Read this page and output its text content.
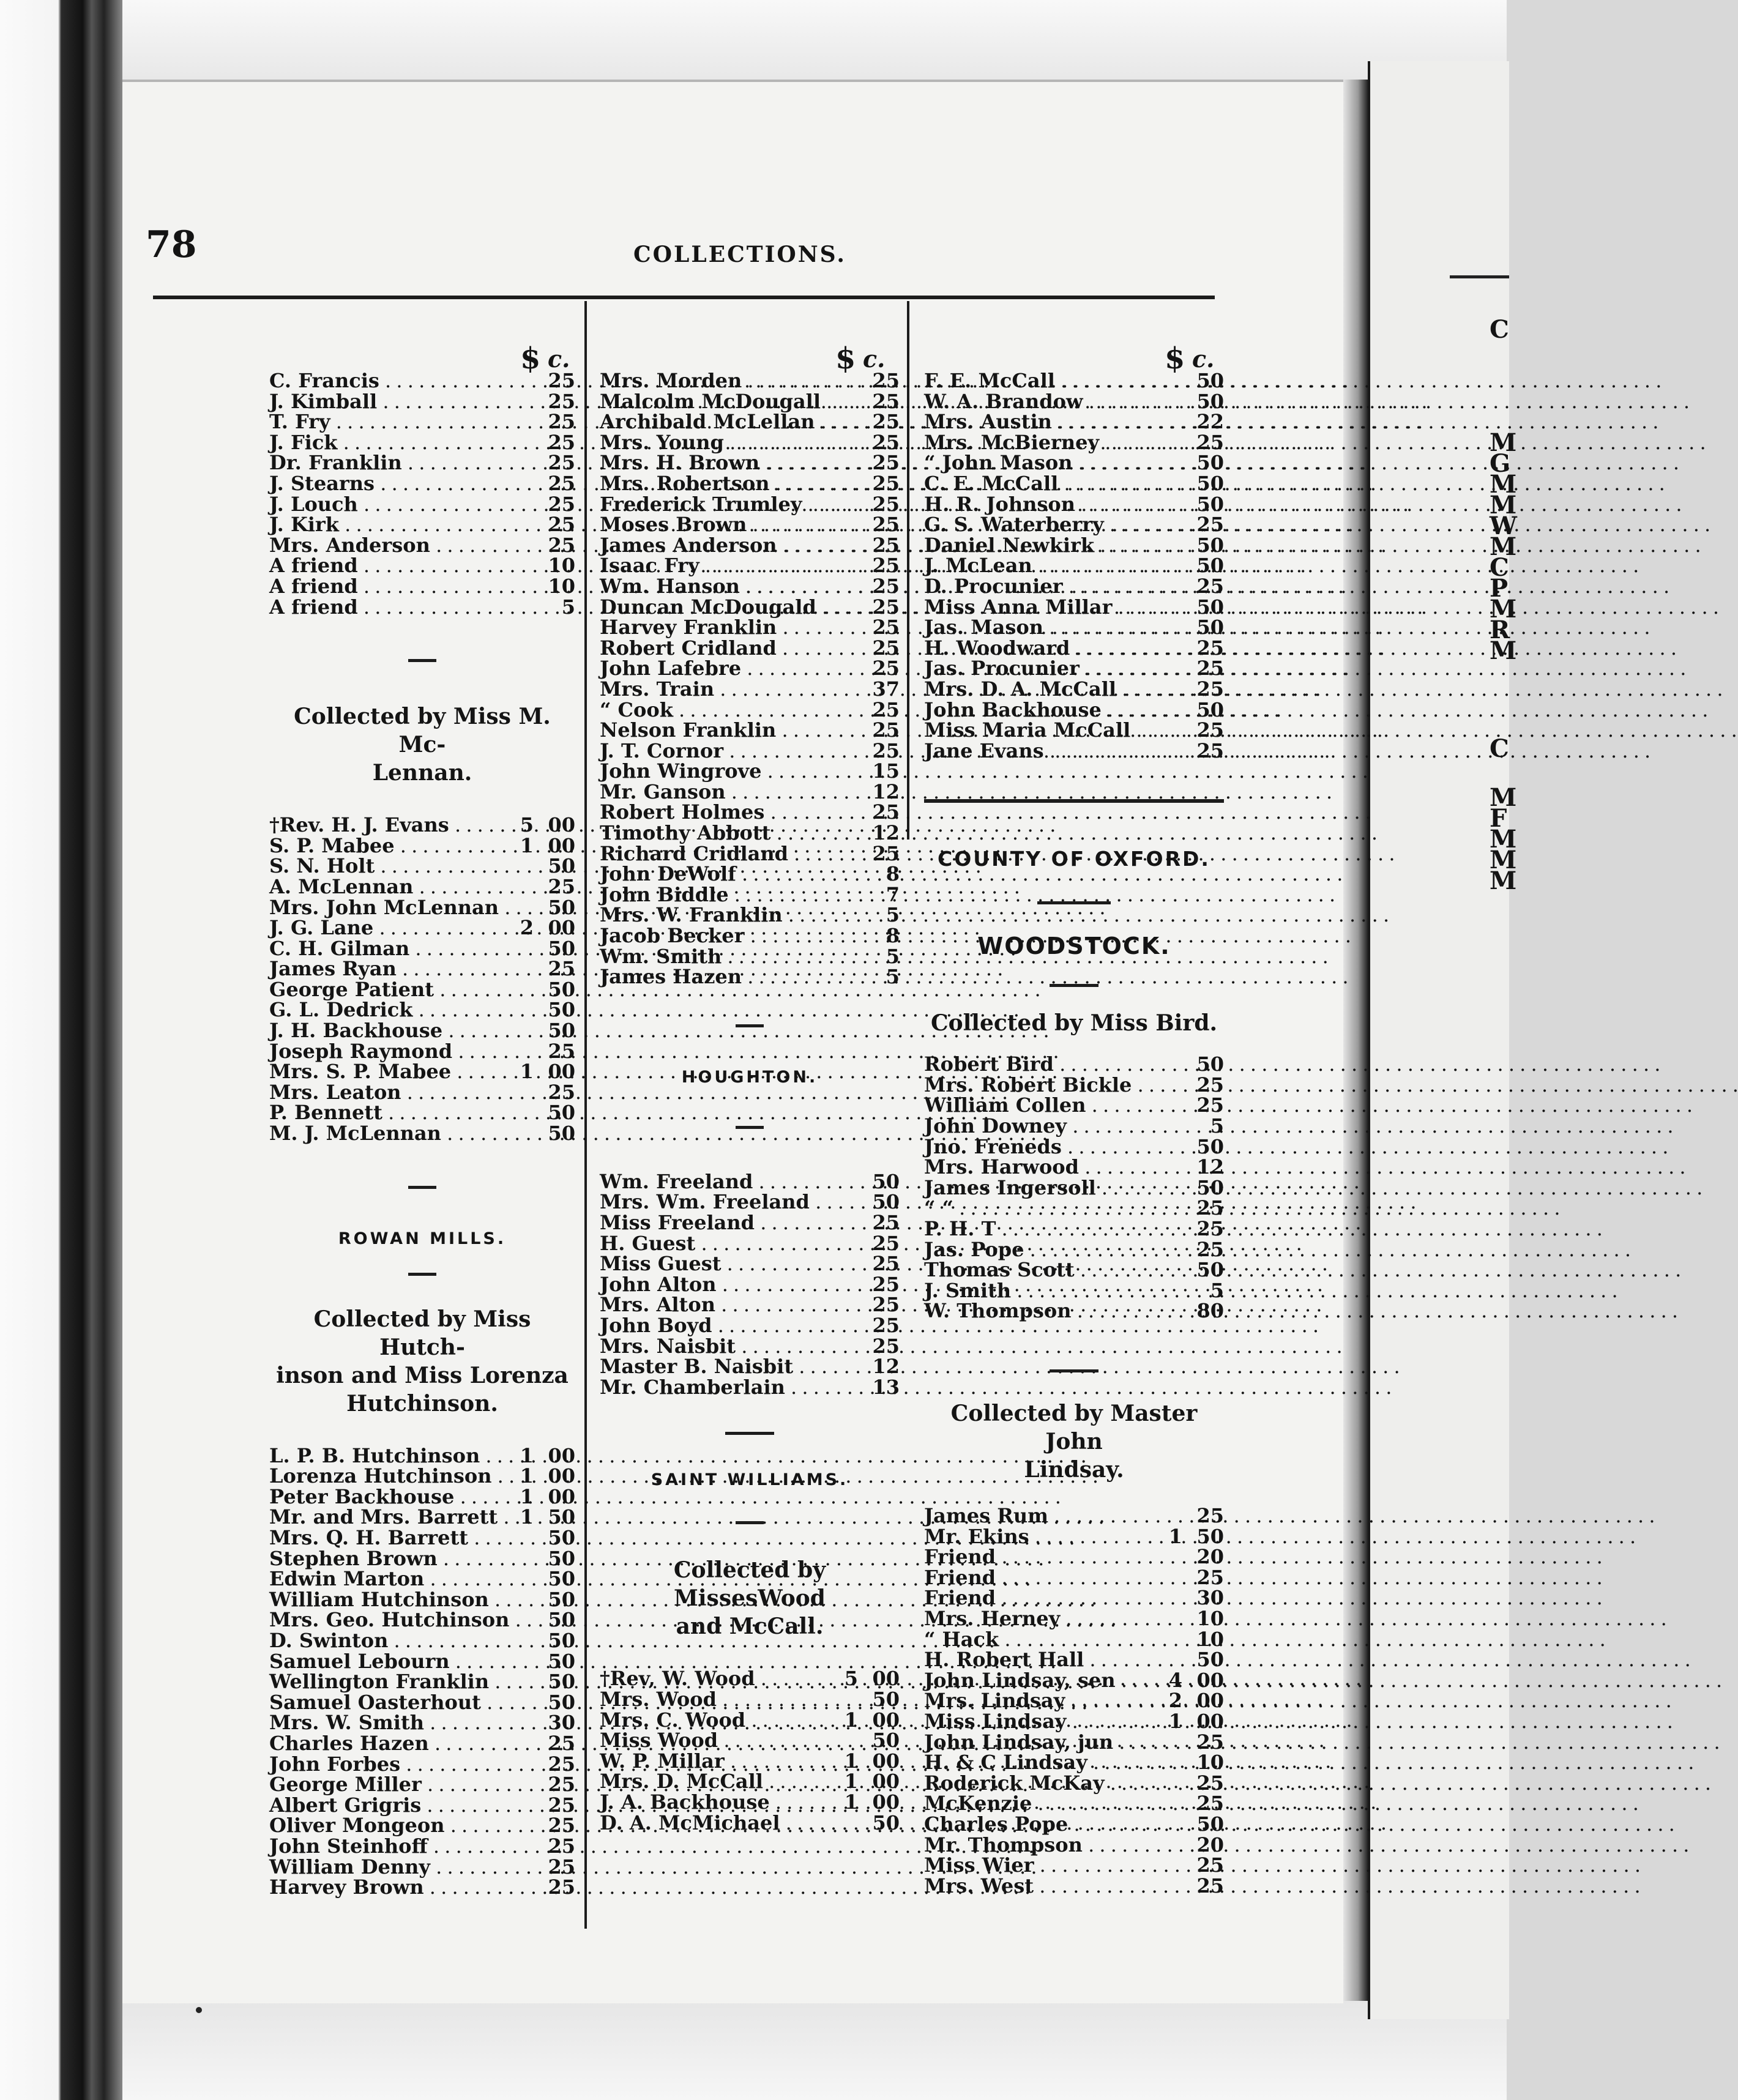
C
M
G
M
M
W
M
C
P
M
R
M
C
M
F
M
M
M
78	COLLECTIONS.
$ c.
C. Francis . . .	25
J. Kimball . . .	25
T. Fry . . .	25
J. Fick . . .	25
Dr. Franklin . . .	25
J. Stearns . . .	25
J. Louch . . .	25
J. Kirk . . .	25
Mrs. Anderson . . .	25
A friend . . .	10
A friend . . .	10
A friend . . .	5

Collected by Miss M. Mc-
Lennan.

†Rev. H. J. Evans . . .	5 00
S. P. Mabee . . .	1 00
S. N. Holt . . .	50
A. McLennan . . .	25
Mrs. John McLennan . . .	50
J. G. Lane . . .	2 00
C. H. Gilman . . .	50
James Ryan . . .	25
George Patient . . .	50
G. L. Dedrick . . .	50
J. H. Backhouse . . .	50
Joseph Raymond . . .	25
Mrs. S. P. Mabee . . .	1 00
Mrs. Leaton . . .	25
P. Bennett . . .	50
M. J. McLennan . . .	50

ROWAN MILLS.

Collected by Miss Hutch-
inson and Miss Lorenza
Hutchinson.

L. P. B. Hutchinson . . .	1 00
Lorenza Hutchinson . . .	1 00
Peter Backhouse . . .	1 00
Mr. and Mrs. Barrett . . .	1 50
Mrs. Q. H. Barrett . . .	50
Stephen Brown . . .	50
Edwin Marton . . .	50
William Hutchinson . . .	50
Mrs. Geo. Hutchinson . . .	50
D. Swinton . . .	50
Samuel Lebourn . . .	50
Wellington Franklin . . .	50
Samuel Oasterhout . . .	50
Mrs. W. Smith . . .	30
Charles Hazen . . .	25
John Forbes . . .	25
George Miller . . .	25
Albert Grigris . . .	25
Oliver Mongeon . . .	25
John Steinhoff . . .	25
William Denny . . .	25
Harvey Brown . . .	25
$ c.
Mrs. Morden . . .	25
Malcolm McDougall . . .	25
Archibald McLellan . . .	25
Mrs. Young . . .	25
Mrs. H. Brown . . .	25
Mrs. Robertson . . .	25
Frederick Trumley . . .	25
Moses Brown . . .	25
James Anderson . . .	25
Isaac Fry . . .	25
Wm. Hanson . . .	25
Duncan McDougald . . .	25
Harvey Franklin . . .	25
Robert Cridland . . .	25
John Lafebre . . .	25
Mrs. Train . . .	37
“ Cook . . .	25
Nelson Franklin . . .	25
J. T. Cornor . . .	25
John Wingrove . . .	15
Mr. Ganson . . .	12
Robert Holmes . . .	25
Timothy Abbott . . .	12
Richard Cridland . . .	25
John DeWolf . . .	8
John Biddle . . .	7
Mrs. W. Franklin . . .	5
Jacob Becker . . .	8
Wm. Smith . . .	5
James Hazen . . .	5

HOUGHTON.

Wm. Freeland . . .	50
Mrs. Wm. Freeland . . .	50
Miss Freeland . . .	25
H. Guest . . .	25
Miss Guest . . .	25
John Alton . . .	25
Mrs. Alton . . .	25
John Boyd . . .	25
Mrs. Naisbit . . .	25
Master B. Naisbit . . .	12
Mr. Chamberlain . . .	13

SAINT WILLIAMS.

Collected by MissesWood
and McCall.

†Rev, W. Wood . . .	5 00
Mrs. Wood . . .	50
Mrs. C. Wood . . .	1 00
Miss Wood . . .	50
W. P. Millar . . .	1 00
Mrs. D. McCall . . .	1 00
J. A. Backhouse . . .	1 00
D. A. McMichael . . .	50
$ c.
F. E. McCall . . .	50
W. A. Brandow . . .	50
Mrs. Austin . . .	22
Mrs. McBierney . . .	25
“ John Mason . . .	50
C. E. McCall . . .	50
H. R. Johnson . . .	50
G. S. Waterberry . . .	25
Daniel Newkirk . . .	50
J. McLean . . .	50
D. Procunier . . .	25
Miss Anna Millar . . .	50
Jas. Mason . . .	50
H. Woodward . . .	25
Jas. Procunier . . .	25
Mrs. D. A. McCall . . .	25
John Backhouse . . .	50
Miss Maria McCall . . .	25
Jane Evans . . .	25

COUNTY OF OXFORD.

WOODSTOCK.

Collected by Miss Bird.

Robert Bird . . .	50
Mrs. Robert Bickle . . .	25
William Collen . . .	25
John Downey . . .	5
Jno. Freneds . . .	50
Mrs. Harwood . . .	12
James Ingersoll . . .	50
“ “ . . .	25
P. H. T . . .	25
Jas. Pope . . .	25
Thomas Scott . . .	50
J. Smith . . .	5
W. Thompson . . .	80

Collected by Master John
Lindsay.

James Rum . . .	25
Mr. Ekins . . .	1 50
Friend . . .	20
Friend . . .	25
Friend . . .	30
Mrs. Herney . . .	10
“ Hack . . .	10
H. Robert Hall . . .	50
John Lindsay, sen . . .	4 00
Mrs. Lindsay . . .	2 00
Miss Lindsay . . .	1 00
John Lindsay, jun . . .	25
H. & C Lindsay . . .	10
Roderick McKay . . .	25
McKenzie . . .	25
Charles Pope . . .	50
Mr. Thompson . . .	20
Miss Wier . . .	25
Mrs. West . . .	25
